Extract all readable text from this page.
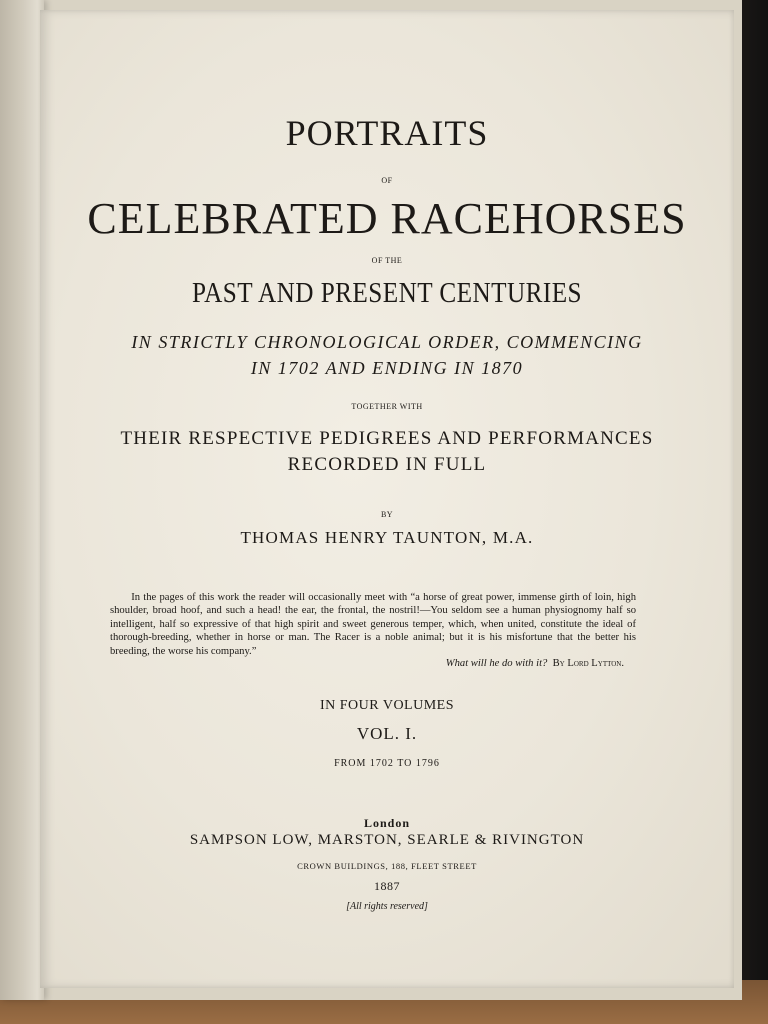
PORTRAITS

OF

CELEBRATED RACEHORSES

OF THE

PAST AND PRESENT CENTURIES

IN STRICTLY CHRONOLOGICAL ORDER, COMMENCING

IN 1702 AND ENDING IN 1870

TOGETHER WITH

THEIR RESPECTIVE PEDIGREES AND PERFORMANCES

RECORDED IN FULL

BY

THOMAS HENRY TAUNTON, M.A.

In the pages of this work the reader will occasionally meet with “a horse of great power, immense girth of loin, high shoulder, broad hoof, and such a head! the ear, the frontal, the nostril!—You seldom see a human physiognomy half so intelligent, half so expressive of that high spirit and sweet generous temper, which, when united, constitute the ideal of thorough-breeding, whether in horse or man. The Racer is a noble animal; but it is his misfortune that the better his breeding, the worse his company.”

What will he do with it? By Lord Lytton.

IN FOUR VOLUMES

VOL. I.

FROM 1702 TO 1796

London

SAMPSON LOW, MARSTON, SEARLE & RIVINGTON

CROWN BUILDINGS, 188, FLEET STREET

1887

[All rights reserved]
